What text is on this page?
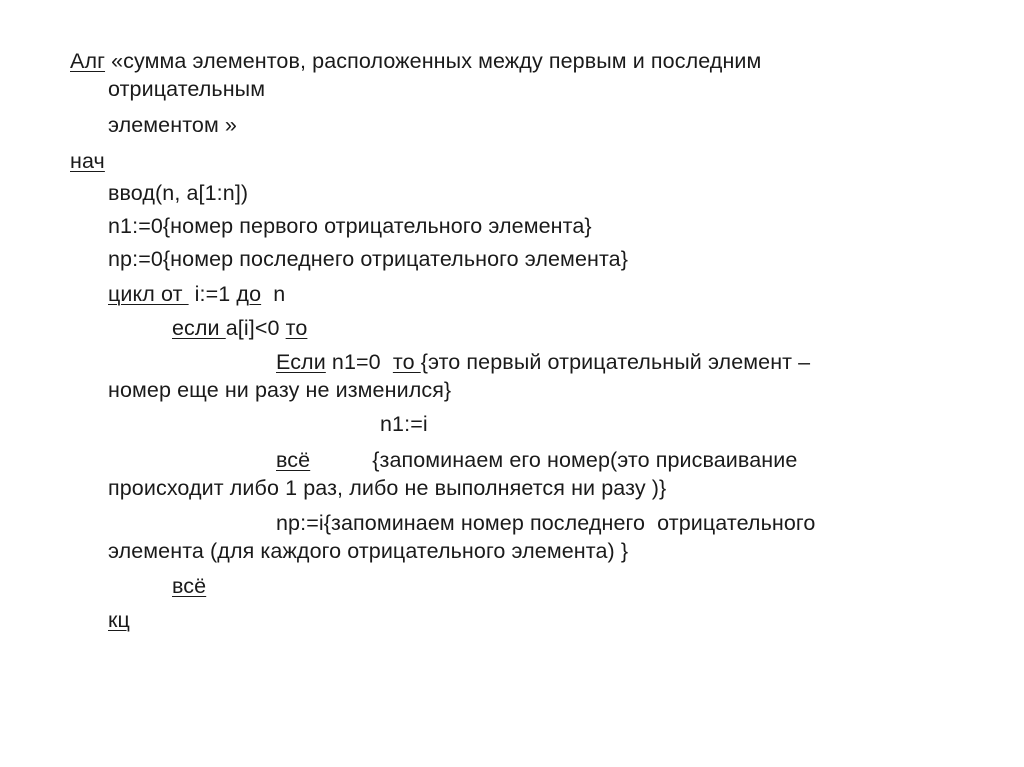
Алг «сумма элементов, расположенных между первым и последним
отрицательным
элементом »
нач
ввод(n, a[1:n])
n1:=0{номер первого отрицательного элемента}
np:=0{номер последнего отрицательного элемента}
цикл от  i:=1 до  n
если a[i]<0 то
Если n1=0  то {это первый отрицательный элемент –
номер еще ни разу не изменился}
n1:=i
всё	{запоминаем его номер(это присваивание
происходит либо 1 раз, либо не выполняется ни разу )}
np:=i{запоминаем номер последнего  отрицательного
элемента (для каждого отрицательного элемента) }
всё
кц
